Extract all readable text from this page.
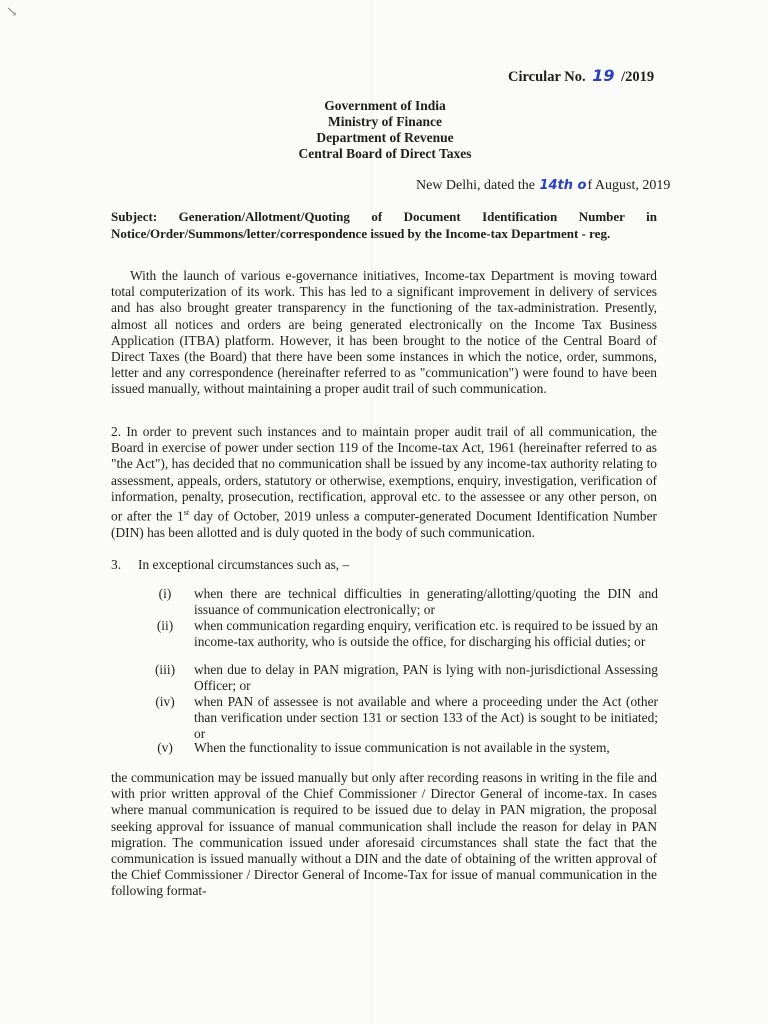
↘
Circular No. 19 /2019
Government of India
Ministry of Finance
Department of Revenue
Central Board of Direct Taxes
New Delhi, dated the 14th of August, 2019
Subject: Generation/Allotment/Quoting of Document Identification Number in Notice/Order/Summons/letter/correspondence issued by the Income-tax Department - reg.

With the launch of various e-governance initiatives, Income-tax Department is moving toward total computerization of its work. This has led to a significant improvement in delivery of services and has also brought greater transparency in the functioning of the tax-administration. Presently, almost all notices and orders are being generated electronically on the Income Tax Business Application (ITBA) platform. However, it has been brought to the notice of the Central Board of Direct Taxes (the Board) that there have been some instances in which the notice, order, summons, letter and any correspondence (hereinafter referred to as "communication") were found to have been issued manually, without maintaining a proper audit trail of such communication.

2. In order to prevent such instances and to maintain proper audit trail of all communication, the Board in exercise of power under section 119 of the Income-tax Act, 1961 (hereinafter referred to as "the Act"), has decided that no communication shall be issued by any income-tax authority relating to assessment, appeals, orders, statutory or otherwise, exemptions, enquiry, investigation, verification of information, penalty, prosecution, rectification, approval etc. to the assessee or any other person, on or after the 1st day of October, 2019 unless a computer-generated Document Identification Number (DIN) has been allotted and is duly quoted in the body of such communication.

3. In exceptional circumstances such as, –

(i)	when there are technical difficulties in generating/allotting/quoting the DIN and issuance of communication electronically; or
(ii)	when communication regarding enquiry, verification etc. is required to be issued by an income-tax authority, who is outside the office, for discharging his official duties; or
(iii)	when due to delay in PAN migration, PAN is lying with non-jurisdictional Assessing Officer; or
(iv)	when PAN of assessee is not available and where a proceeding under the Act (other than verification under section 131 or section 133 of the Act) is sought to be initiated; or
(v)	When the functionality to issue communication is not available in the system,

the communication may be issued manually but only after recording reasons in writing in the file and with prior written approval of the Chief Commissioner / Director General of income-tax. In cases where manual communication is required to be issued due to delay in PAN migration, the proposal seeking approval for issuance of manual communication shall include the reason for delay in PAN migration. The communication issued under aforesaid circumstances shall state the fact that the communication is issued manually without a DIN and the date of obtaining of the written approval of the Chief Commissioner / Director General of Income-Tax for issue of manual communication in the following format-
